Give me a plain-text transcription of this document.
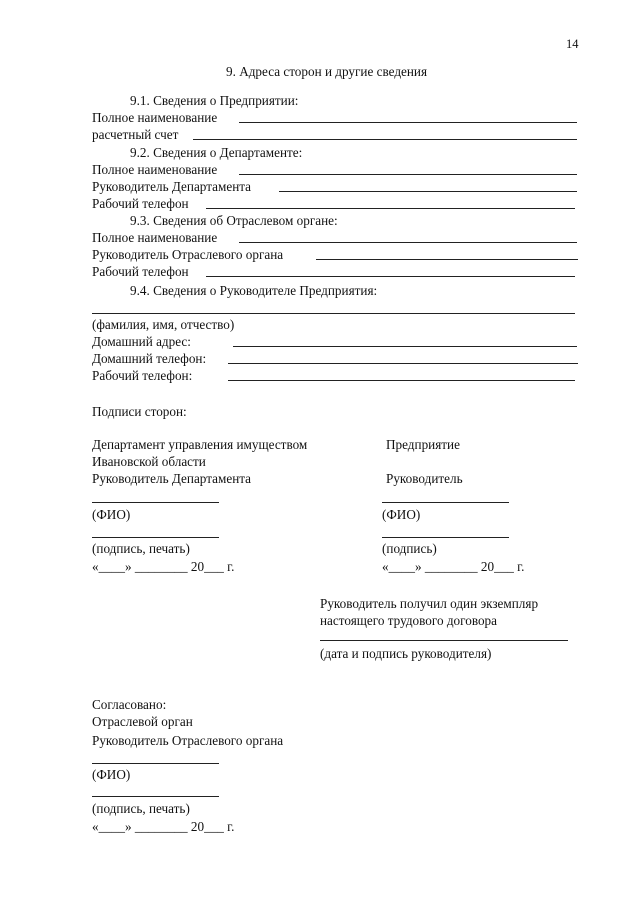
14
9. Адреса сторон и другие сведения
9.1. Сведения о Предприятии:
Полное наименование
расчетный счет
9.2. Сведения о Департаменте:
Полное наименование
Руководитель Департамента
Рабочий телефон
9.3. Сведения об Отраслевом органе:
Полное наименование
Руководитель Отраслевого органа
Рабочий телефон
9.4. Сведения о Руководителе Предприятия:
(фамилия, имя, отчество)
Домашний адрес:
Домашний телефон:
Рабочий телефон:
Подписи сторон:
Департамент управления имуществом
Ивановской области
Руководитель Департамента
(ФИО)
(подпись, печать)
«____» ________ 20___ г.
Предприятие
Руководитель
(ФИО)
(подпись)
«____» ________ 20___ г.
Руководитель получил один экземпляр
настоящего трудового договора
(дата и подпись руководителя)
Согласовано:
Отраслевой орган
Руководитель Отраслевого органа
(ФИО)
(подпись, печать)
«____» ________ 20___ г.
